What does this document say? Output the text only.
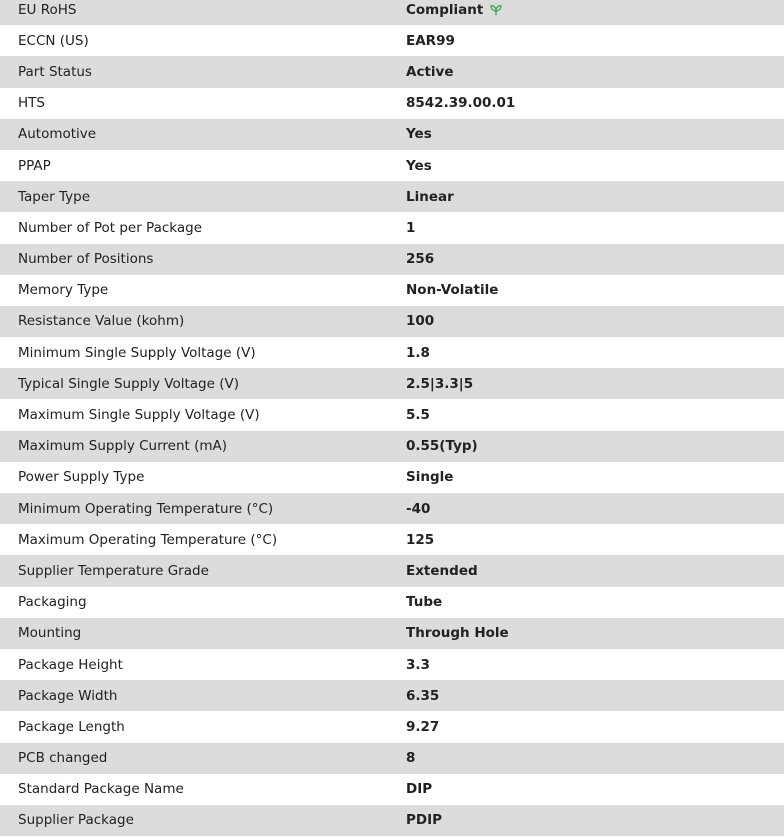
EU RoHS	Compliant
ECCN (US)	EAR99
Part Status	Active
HTS	8542.39.00.01
Automotive	Yes
PPAP	Yes
Taper Type	Linear
Number of Pot per Package	1
Number of Positions	256
Memory Type	Non-Volatile
Resistance Value (kohm)	100
Minimum Single Supply Voltage (V)	1.8
Typical Single Supply Voltage (V)	2.5|3.3|5
Maximum Single Supply Voltage (V)	5.5
Maximum Supply Current (mA)	0.55(Typ)
Power Supply Type	Single
Minimum Operating Temperature (°C)	-40
Maximum Operating Temperature (°C)	125
Supplier Temperature Grade	Extended
Packaging	Tube
Mounting	Through Hole
Package Height	3.3
Package Width	6.35
Package Length	9.27
PCB changed	8
Standard Package Name	DIP
Supplier Package	PDIP
